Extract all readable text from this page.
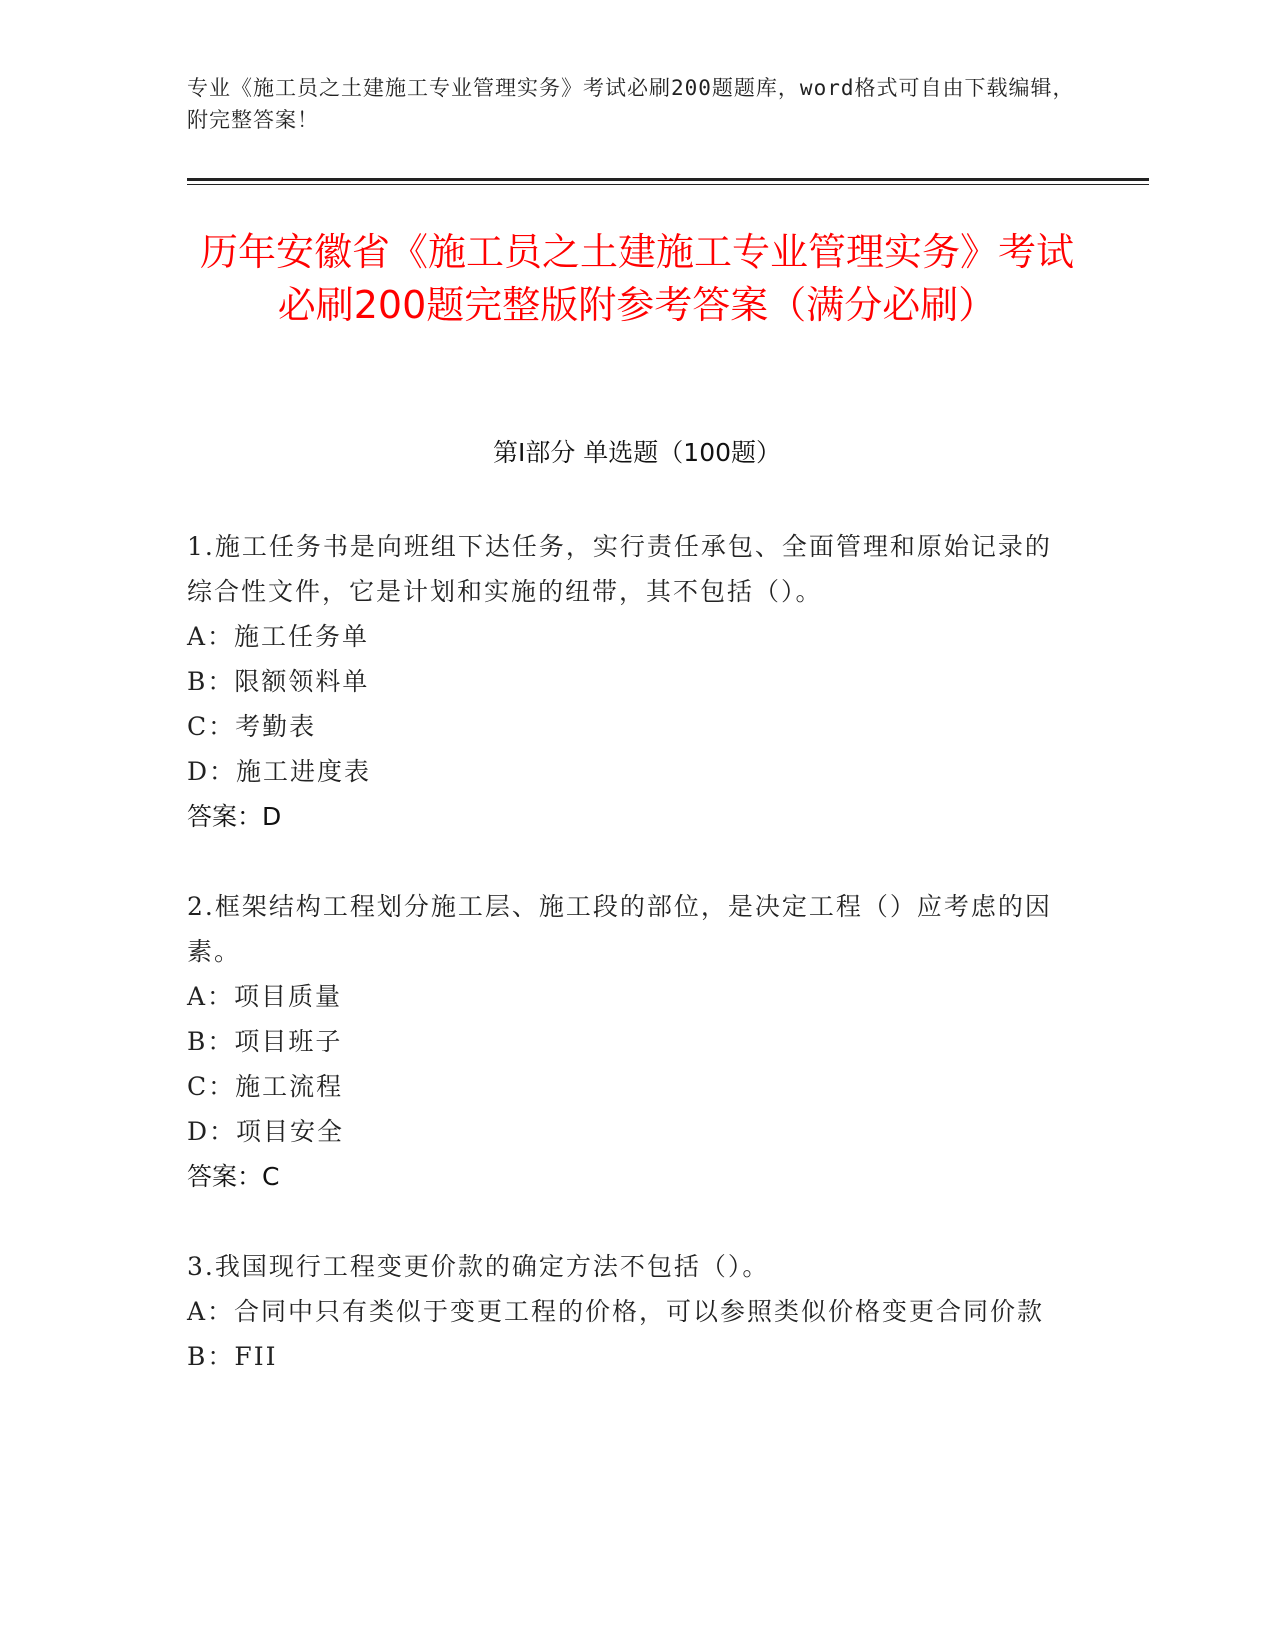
专业《施工员之土建施工专业管理实务》考试必刷200题题库，word格式可自由下载编辑，附完整答案！
历年安徽省《施工员之土建施工专业管理实务》考试必刷200题完整版附参考答案（满分必刷）
第I部分 单选题（100题）

1.施工任务书是向班组下达任务，实行责任承包、全面管理和原始记录的综合性文件，它是计划和实施的纽带，其不包括（）。

A：施工任务单

B：限额领料单

C：考勤表

D：施工进度表

答案：D

2.框架结构工程划分施工层、施工段的部位，是决定工程（）应考虑的因素。

A：项目质量

B：项目班子

C：施工流程

D：项目安全

答案：C

3.我国现行工程变更价款的确定方法不包括（）。

A：合同中只有类似于变更工程的价格，可以参照类似价格变更合同价款

B：FII
